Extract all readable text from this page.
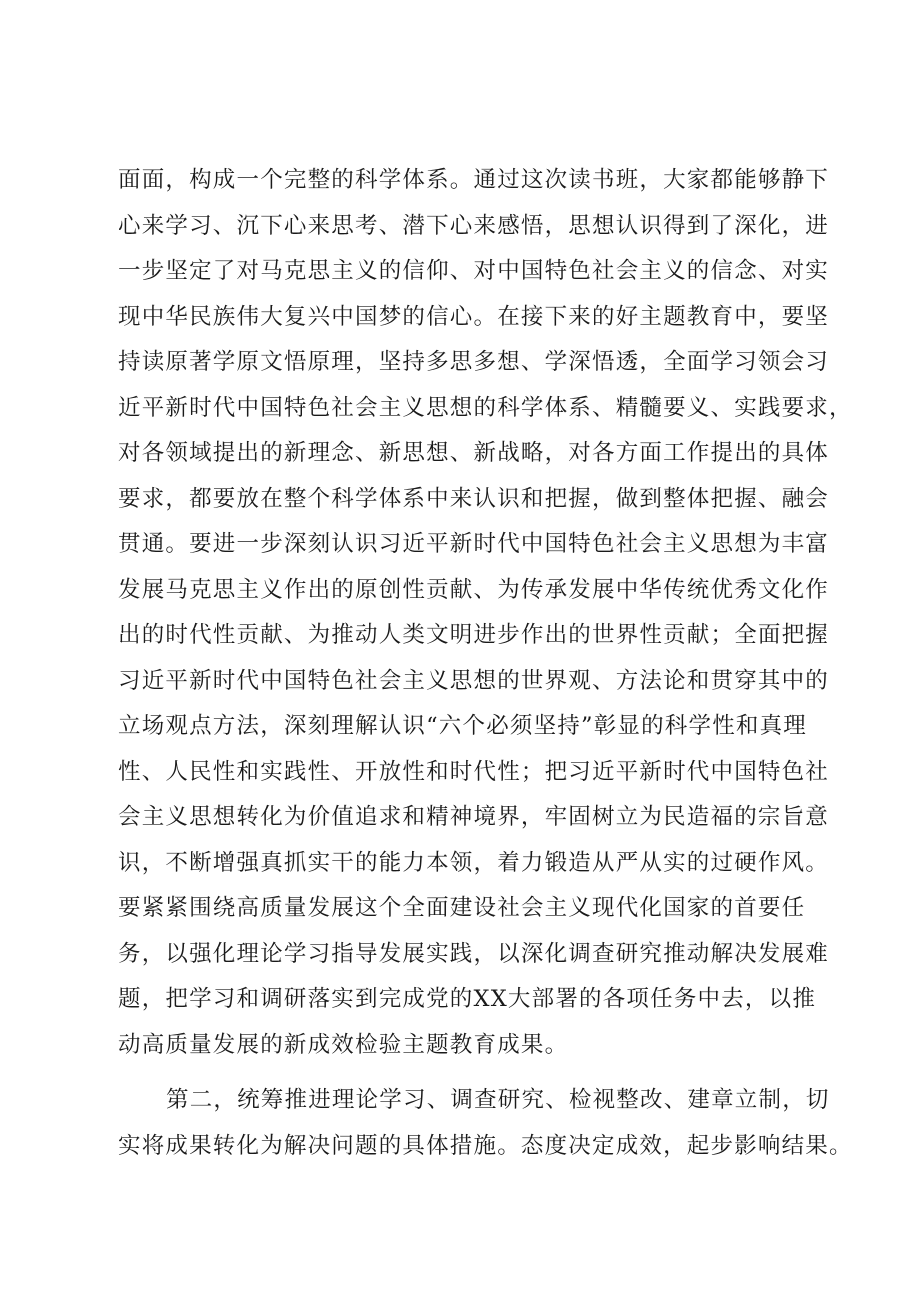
面面，构成一个完整的科学体系。通过这次读书班，大家都能够静下
心来学习、沉下心来思考、潜下心来感悟，思想认识得到了深化，进
一步坚定了对马克思主义的信仰、对中国特色社会主义的信念、对实
现中华民族伟大复兴中国梦的信心。在接下来的好主题教育中，要坚
持读原著学原文悟原理，坚持多思多想、学深悟透，全面学习领会习
近平新时代中国特色社会主义思想的科学体系、精髓要义、实践要求，
对各领域提出的新理念、新思想、新战略，对各方面工作提出的具体
要求，都要放在整个科学体系中来认识和把握，做到整体把握、融会
贯通。要进一步深刻认识习近平新时代中国特色社会主义思想为丰富
发展马克思主义作出的原创性贡献、为传承发展中华传统优秀文化作
出的时代性贡献、为推动人类文明进步作出的世界性贡献；全面把握
习近平新时代中国特色社会主义思想的世界观、方法论和贯穿其中的
立场观点方法，深刻理解认识“六个必须坚持”彰显的科学性和真理
性、人民性和实践性、开放性和时代性；把习近平新时代中国特色社
会主义思想转化为价值追求和精神境界，牢固树立为民造福的宗旨意
识，不断增强真抓实干的能力本领，着力锻造从严从实的过硬作风。
要紧紧围绕高质量发展这个全面建设社会主义现代化国家的首要任
务，以强化理论学习指导发展实践，以深化调查研究推动解决发展难
题，把学习和调研落实到完成党的XX大部署的各项任务中去，以推
动高质量发展的新成效检验主题教育成果。
第二，统筹推进理论学习、调查研究、检视整改、建章立制，切
实将成果转化为解决问题的具体措施。态度决定成效，起步影响结果。
